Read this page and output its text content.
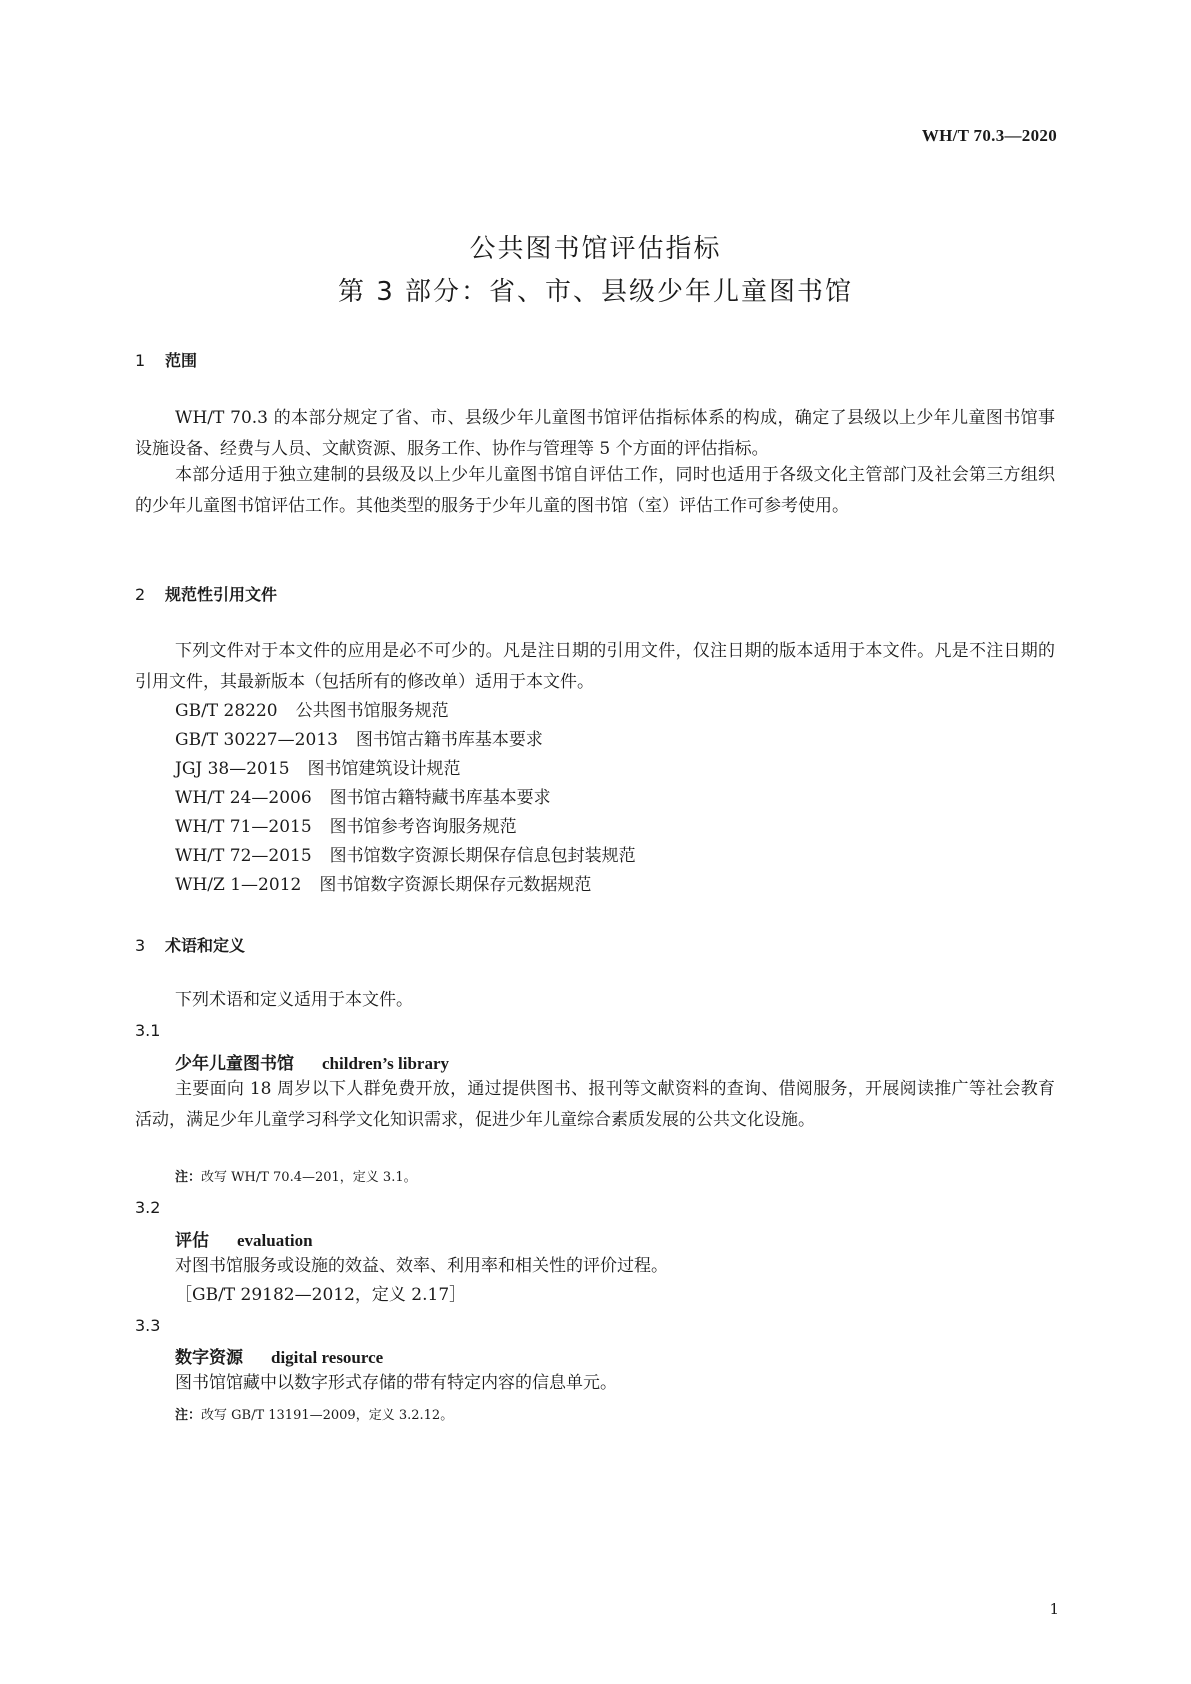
WH/T 70.3—2020
公共图书馆评估指标
第 3 部分：省、市、县级少年儿童图书馆
1 范围

WH/T 70.3 的本部分规定了省、市、县级少年儿童图书馆评估指标体系的构成，确定了县级以上少年儿童图书馆事设施设备、经费与人员、文献资源、服务工作、协作与管理等 5 个方面的评估指标。

本部分适用于独立建制的县级及以上少年儿童图书馆自评估工作，同时也适用于各级文化主管部门及社会第三方组织的少年儿童图书馆评估工作。其他类型的服务于少年儿童的图书馆（室）评估工作可参考使用。

2 规范性引用文件

下列文件对于本文件的应用是必不可少的。凡是注日期的引用文件，仅注日期的版本适用于本文件。凡是不注日期的引用文件，其最新版本（包括所有的修改单）适用于本文件。

GB/T 28220 公共图书馆服务规范
GB/T 30227—2013 图书馆古籍书库基本要求
JGJ 38—2015 图书馆建筑设计规范
WH/T 24—2006 图书馆古籍特藏书库基本要求
WH/T 71—2015 图书馆参考咨询服务规范
WH/T 72—2015 图书馆数字资源长期保存信息包封装规范
WH/Z 1—2012 图书馆数字资源长期保存元数据规范
3 术语和定义
下列术语和定义适用于本文件。
3.1
少年儿童图书馆 children’s library

主要面向 18 周岁以下人群免费开放，通过提供图书、报刊等文献资料的查询、借阅服务，开展阅读推广等社会教育活动，满足少年儿童学习科学文化知识需求，促进少年儿童综合素质发展的公共文化设施。

注：改写 WH/T 70.4—201，定义 3.1。
3.2
评估 evaluation
对图书馆服务或设施的效益、效率、利用率和相关性的评价过程。
［GB/T 29182—2012，定义 2.17］
3.3
数字资源 digital resource
图书馆馆藏中以数字形式存储的带有特定内容的信息单元。
注：改写 GB/T 13191—2009，定义 3.2.12。
1
